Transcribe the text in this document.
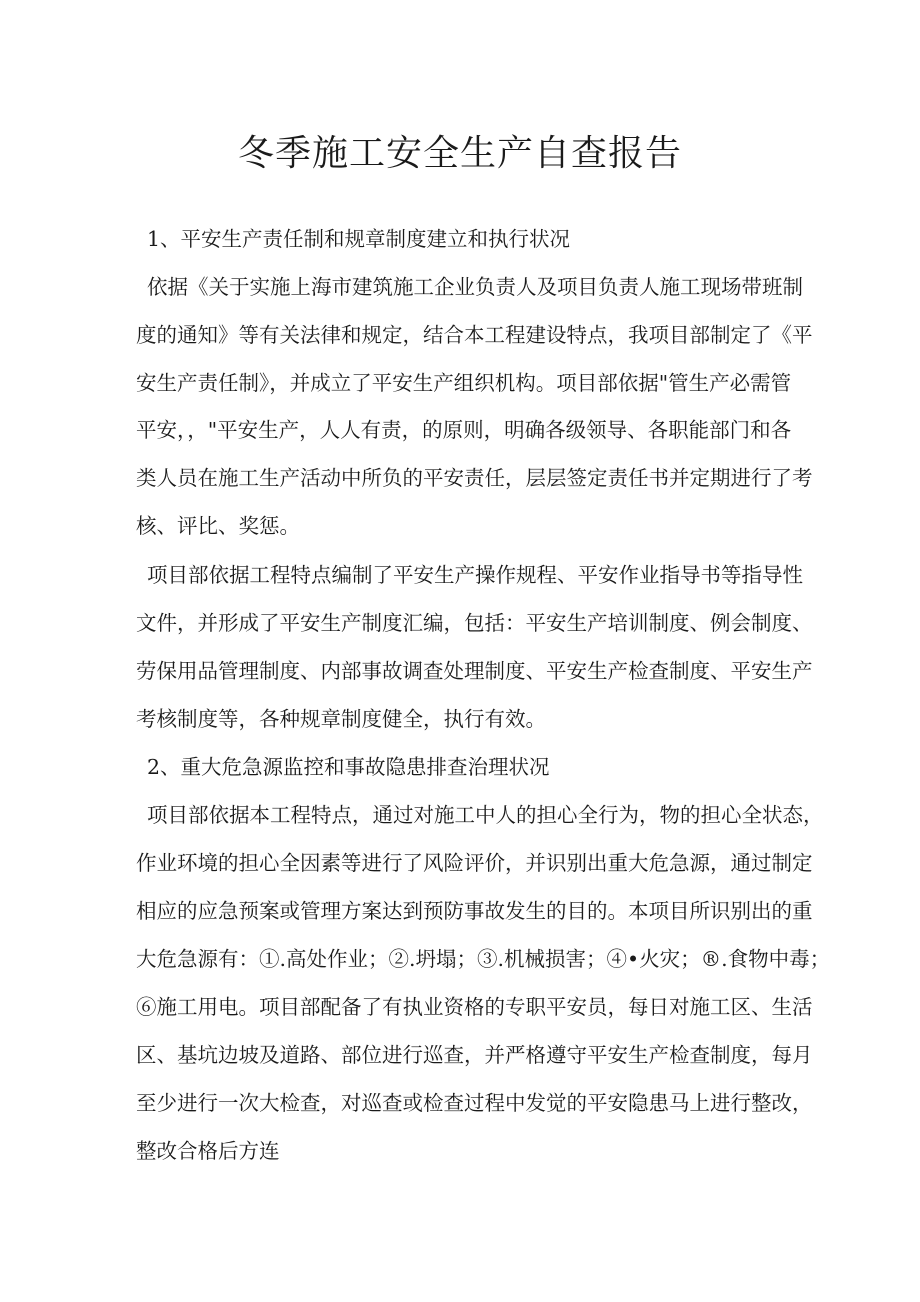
冬季施工安全生产自查报告

1、平安生产责任制和规章制度建立和执行状况

依据《关于实施上海市建筑施工企业负责人及项目负责人施工现场带班制

度的通知》等有关法律和规定，结合本工程建设特点，我项目部制定了《平

安生产责任制》，并成立了平安生产组织机构。项目部依据"管生产必需管

平安，，"平安生产，人人有责，的原则，明确各级领导、各职能部门和各

类人员在施工生产活动中所负的平安责任，层层签定责任书并定期进行了考

核、评比、奖惩。

项目部依据工程特点编制了平安生产操作规程、平安作业指导书等指导性

文件，并形成了平安生产制度汇编，包括：平安生产培训制度、例会制度、

劳保用品管理制度、内部事故调查处理制度、平安生产检查制度、平安生产

考核制度等，各种规章制度健全，执行有效。

2、重大危急源监控和事故隐患排查治理状况

项目部依据本工程特点，通过对施工中人的担心全行为，物的担心全状态，

作业环境的担心全因素等进行了风险评价，并识别出重大危急源，通过制定

相应的应急预案或管理方案达到预防事故发生的目的。本项目所识别出的重

大危急源有：①.高处作业；②.坍塌；③.机械损害；④•火灾；®.食物中毒；

⑥施工用电。项目部配备了有执业资格的专职平安员，每日对施工区、生活

区、基坑边坡及道路、部位进行巡查，并严格遵守平安生产检查制度，每月

至少进行一次大检查，对巡查或检查过程中发觉的平安隐患马上进行整改，

整改合格后方连
